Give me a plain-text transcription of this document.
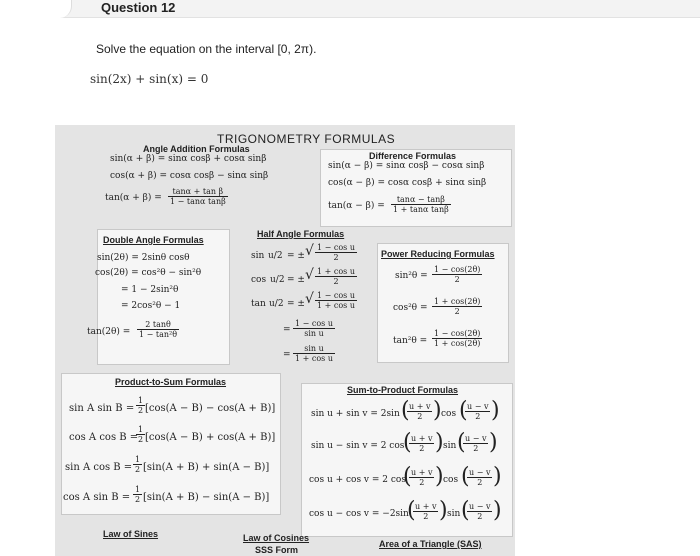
Question 12
Solve the equation on the interval [0, 2π).
sin(2x) + sin(x) = 0
TRIGONOMETRY FORMULAS
Angle Addition Formulas
sin(α + β) = sinα cosβ + cosα sinβ
cos(α + β) = cosα cosβ − sinα sinβ
$\tan(\alpha + \beta) = \frac{\text{tanα + tan β}}{\text{1 − tanα tanβ}}$
Difference Formulas
sin(α − β) = sinα cosβ − cosα sinβ
cos(α − β) = cosα cosβ + sinα sinβ
$\tan(\alpha - \beta) = \frac{\tan\alpha - \tan\beta}{\text{1 + tanα tanβ}}$
Double Angle Formulas
sin(2θ) = 2sinθ cosθ
cos(2θ) = cos²θ − sin²θ
= 1 − 2sin²θ
= 2cos²θ − 1
$\tan(2\theta) = \frac{2 \tan\theta}{\text{1 − tan²θ}}$
Half Angle Formulas
sin u/2 = ± √ $\frac{\text{1 − cos u}}{2}$
cos u/2 = ± √ $\frac{\text{1 + cos u}}{2}$
tan u/2 = ± √ $\frac{\text{1 − cos u}}{\text{1 + cos u}}$
= $\frac{\text{1 − cos u}}{\text{sin u}}$
= $\frac{\text{sin u}}{\text{1 + cos u}}$
Power Reducing Formulas
$\sin^2\theta = \frac{1 - \cos(2\theta)}{2}$
$\cos^2\theta = \frac{1 + \cos(2\theta)}{2}$
$\tan^2\theta = \frac{1 - \cos(2\theta)}{1 + \cos(2\theta)}$
Product-to-Sum Formulas
sin A $\sin B = \frac{1}{2} [\cos(A - B) - \cos(A + B)]$
cos A cos B =
$\frac{1}{2} [\cos(A - B) + \cos(A + B)]$
sin A $\cos B = \frac{1}{2} [\sin(A + B) + \sin(A - B)]$
cos A $\sin B = \frac{1}{2} [\sin(A + B) - \sin(A - B)]$
Sum-to-Product Formulas
sin u + sin v = 2sin (
$\frac{u + v}{2}$ ) cos (
$\frac{u - v}{2}$ )
sin u − sin v = 2 cos
(
$\frac{u + v}{2}$ ) sin (
$\frac{u - v}{2}$ )
cos u + cos v = 2 cos
(
$\frac{u + v}{2}$ ) cos (
$\frac{u - v}{2}$ )
cos u − cos v = −2sin
(
$\frac{u + v}{2}$ ) sin (
$\frac{u - v}{2}$ )
Law of Sines	Law of Cosines
SSS Form
Area of a Triangle (SAS)
